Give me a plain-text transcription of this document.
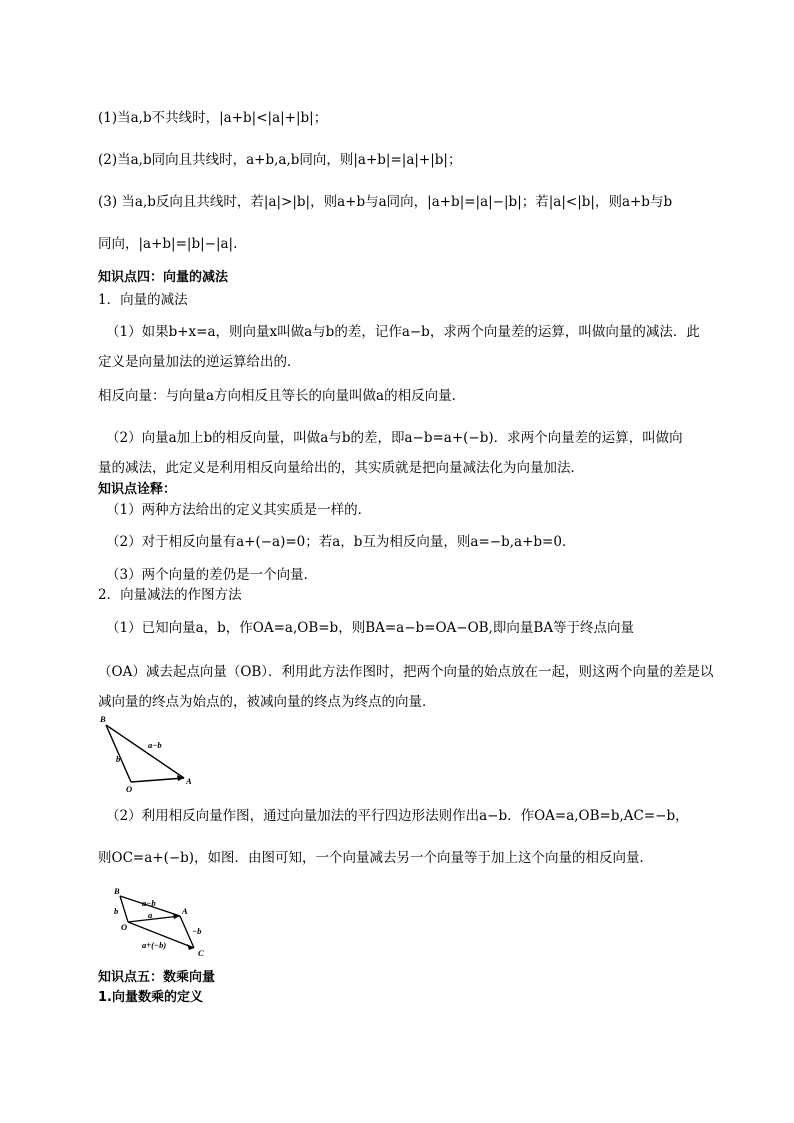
(1)当a,b不共线时，|a+b|<|a|+|b|；
(2)当a,b同向且共线时，a+b,a,b同向，则|a+b|=|a|+|b|；
(3) 当a,b反向且共线时，若|a|>|b|，则a+b与a同向，|a+b|=|a|−|b|；若|a|<|b|，则a+b与b
同向，|a+b|=|b|−|a|.
知识点四：向量的减法
1．向量的减法
（1）如果b+x=a，则向量x叫做a与b的差，记作a−b，求两个向量差的运算，叫做向量的减法．此
定义是向量加法的逆运算给出的．
相反向量：与向量a方向相反且等长的向量叫做a的相反向量．
（2）向量a加上b的相反向量，叫做a与b的差，即a−b=a+(−b)．求两个向量差的运算，叫做向
量的减法，此定义是利用相反向量给出的，其实质就是把向量减法化为向量加法．
知识点诠释：
（1）两种方法给出的定义其实质是一样的．
（2）对于相反向量有a+(−a)=0；若a，b互为相反向量，则a=−b,a+b=0．
（3）两个向量的差仍是一个向量．
2．向量减法的作图方法
（1）已知向量a，b，作OA=a,OB=b，则BA=a−b=OA−OB,即向量BA等于终点向量
（OA）减去起点向量（OB）．利用此方法作图时，把两个向量的始点放在一起，则这两个向量的差是以
减向量的终点为始点的，被减向量的终点为终点的向量．
B
a−b
b
O
A
（2）利用相反向量作图，通过向量加法的平行四边形法则作出a−b．作OA=a,OB=b,AC=−b，
则OC=a+(−b)，如图．由图可知，一个向量减去另一个向量等于加上这个向量的相反向量．
B
a−b
b	a	A
O	−b
a+(−b)
C
知识点五：数乘向量
1.向量数乘的定义
